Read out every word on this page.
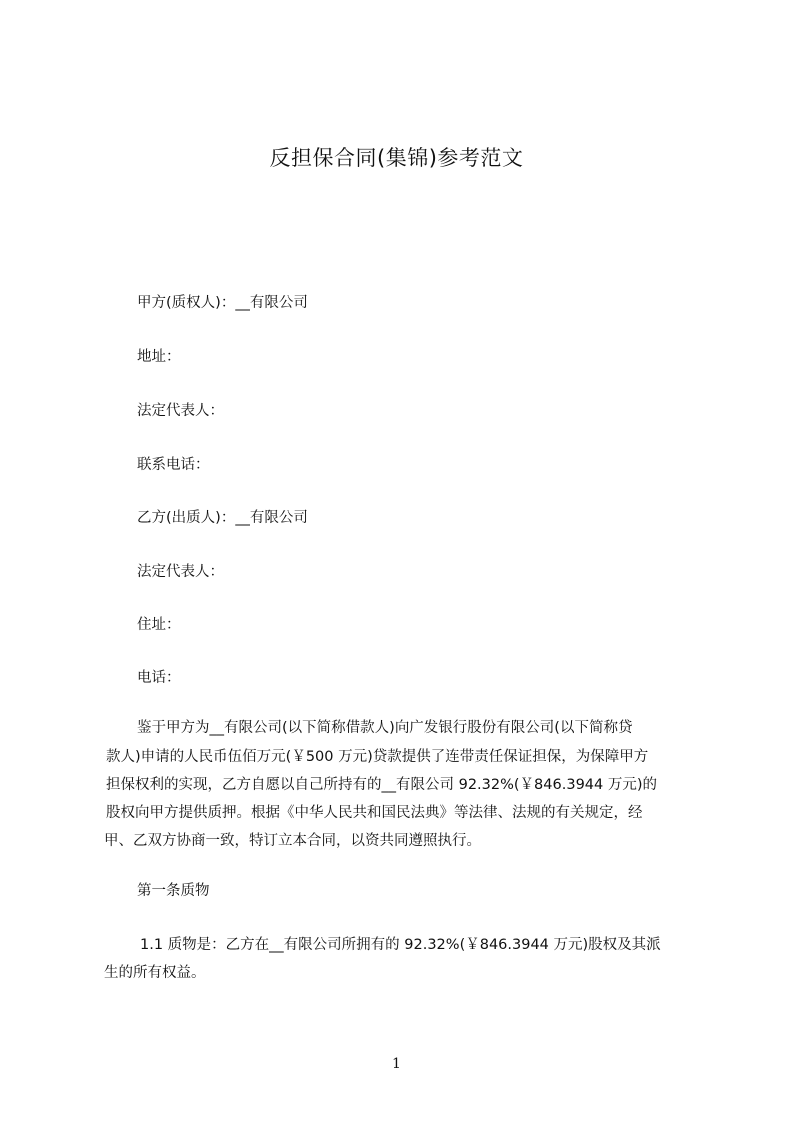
反担保合同(集锦)参考范文
甲方(质权人)：__有限公司
地址：
法定代表人：
联系电话：
乙方(出质人)：__有限公司
法定代表人：
住址：
电话：
鉴于甲方为__有限公司(以下简称借款人)向广发银行股份有限公司(以下简称贷
款人)申请的人民币伍佰万元(￥500 万元)贷款提供了连带责任保证担保，为保障甲方
担保权利的实现，乙方自愿以自己所持有的__有限公司 92.32%(￥846.3944 万元)的
股权向甲方提供质押。根据《中华人民共和国民法典》等法律、法规的有关规定，经
甲、乙双方协商一致，特订立本合同，以资共同遵照执行。
第一条质物
1.1 质物是：乙方在__有限公司所拥有的 92.32%(￥846.3944 万元)股权及其派
生的所有权益。
1
